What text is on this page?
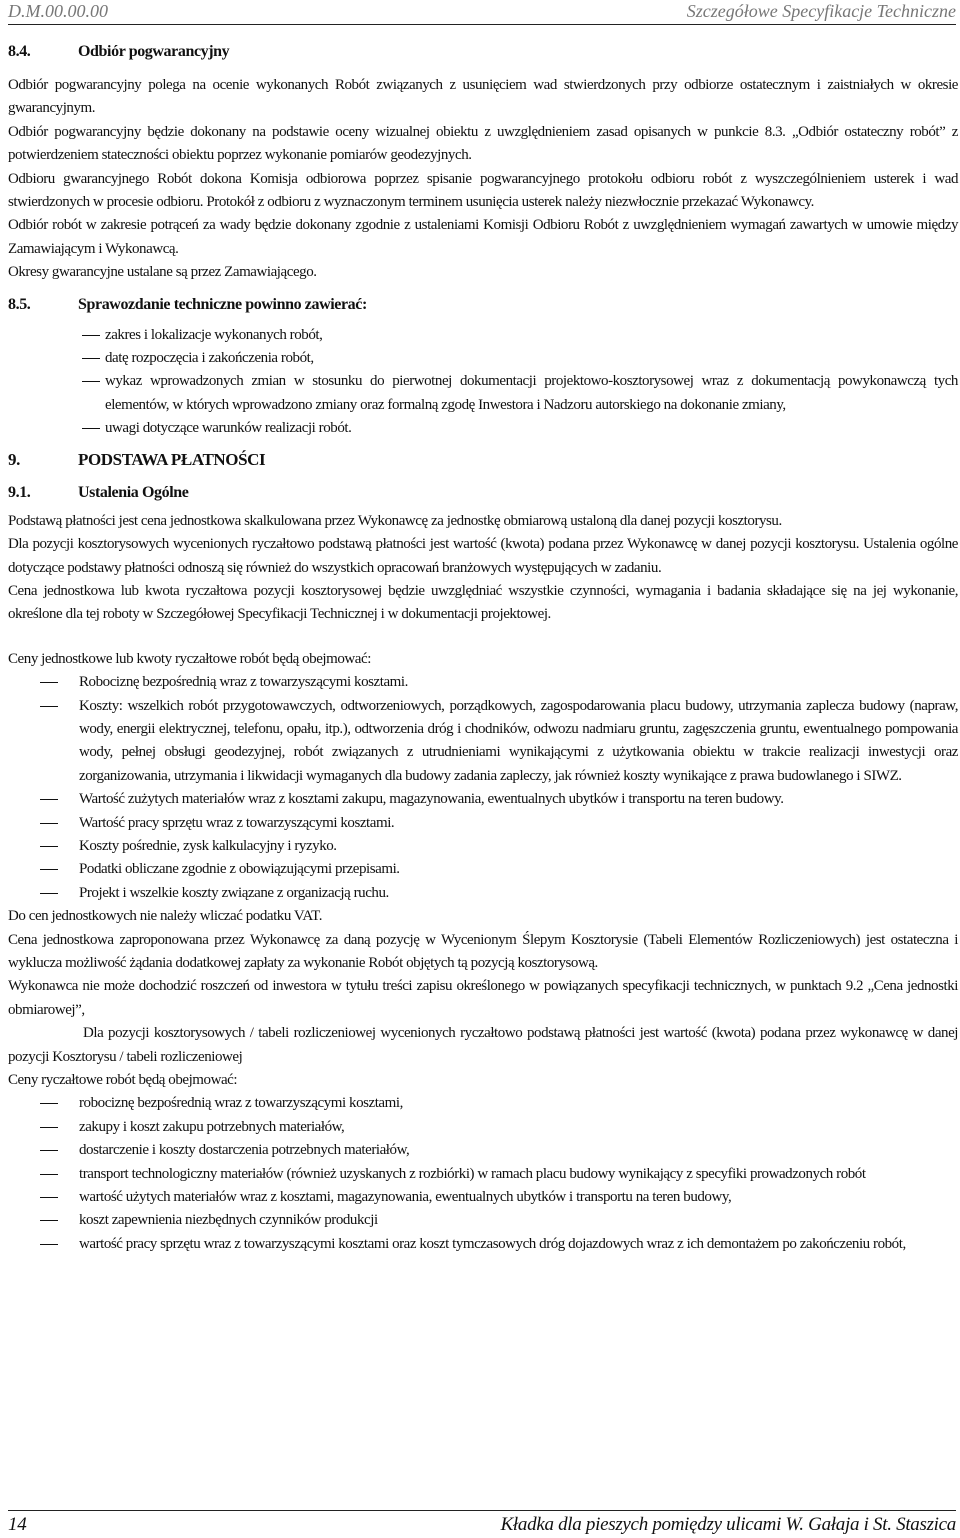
D.M.00.00.00	Szczegółowe Specyfikacje Techniczne
8.4.	Odbiór pogwarancyjny

Odbiór pogwarancyjny polega na ocenie wykonanych Robót związanych z usunięciem wad stwierdzonych przy odbiorze ostatecznym i zaistniałych w okresie gwarancyjnym.

Odbiór pogwarancyjny będzie dokonany na podstawie oceny wizualnej obiektu z uwzględnieniem zasad opisanych w punkcie 8.3. „Odbiór ostateczny robót” z potwierdzeniem stateczności obiektu poprzez wykonanie pomiarów geodezyjnych.

Odbioru gwarancyjnego Robót dokona Komisja odbiorowa poprzez spisanie pogwarancyjnego protokołu odbioru robót z wyszczególnieniem usterek i wad stwierdzonych w procesie odbioru. Protokół z odbioru z wyznaczonym terminem usunięcia usterek należy niezwłocznie przekazać Wykonawcy.

Odbiór robót w zakresie potrąceń za wady będzie dokonany zgodnie z ustaleniami Komisji Odbioru Robót z uwzględnieniem wymagań zawartych w umowie między Zamawiającym i Wykonawcą.

Okresy gwarancyjne ustalane są przez Zamawiającego.

8.5.	Sprawozdanie techniczne powinno zawierać:
zakres i lokalizacje wykonanych robót,
datę rozpoczęcia i zakończenia robót,
wykaz wprowadzonych zmian w stosunku do pierwotnej dokumentacji projektowo-kosztorysowej wraz z dokumentacją powykonawczą tych elementów, w których wprowadzono zmiany oraz formalną zgodę Inwestora i Nadzoru autorskiego na dokonanie zmiany,
uwagi dotyczące warunków realizacji robót.
9.	PODSTAWA PŁATNOŚCI
9.1.	Ustalenia Ogólne

Podstawą płatności jest cena jednostkowa skalkulowana przez Wykonawcę za jednostkę obmiarową ustaloną dla danej pozycji kosztorysu.

Dla pozycji kosztorysowych wycenionych ryczałtowo podstawą płatności jest wartość (kwota) podana przez Wykonawcę w danej pozycji kosztorysu. Ustalenia ogólne dotyczące podstawy płatności odnoszą się również do wszystkich opracowań branżowych występujących w zadaniu.

Cena jednostkowa lub kwota ryczałtowa pozycji kosztorysowej będzie uwzględniać wszystkie czynności, wymagania i badania składające się na jej wykonanie, określone dla tej roboty w Szczegółowej Specyfikacji Technicznej i w dokumentacji projektowej.

Ceny jednostkowe lub kwoty ryczałtowe robót będą obejmować:

Robociznę bezpośrednią wraz z towarzyszącymi kosztami.
Koszty: wszelkich robót przygotowawczych, odtworzeniowych, porządkowych, zagospodarowania placu budowy, utrzymania zaplecza budowy (napraw, wody, energii elektrycznej, telefonu, opału, itp.), odtworzenia dróg i chodników, odwozu nadmiaru gruntu, zagęszczenia gruntu, ewentualnego pompowania wody, pełnej obsługi geodezyjnej, robót związanych z utrudnieniami wynikającymi z użytkowania obiektu w trakcie realizacji inwestycji oraz zorganizowania, utrzymania i likwidacji wymaganych dla budowy zadania zapleczy, jak również koszty wynikające z prawa budowlanego i SIWZ.
Wartość zużytych materiałów wraz z kosztami zakupu, magazynowania, ewentualnych ubytków i transportu na teren budowy.
Wartość pracy sprzętu wraz z towarzyszącymi kosztami.
Koszty pośrednie, zysk kalkulacyjny i ryzyko.
Podatki obliczane zgodnie z obowiązującymi przepisami.
Projekt i wszelkie koszty związane z organizacją ruchu.

Do cen jednostkowych nie należy wliczać podatku VAT.

Cena jednostkowa zaproponowana przez Wykonawcę za daną pozycję w Wycenionym Ślepym Kosztorysie (Tabeli Elementów Rozliczeniowych) jest ostateczna i wyklucza możliwość żądania dodatkowej zapłaty za wykonanie Robót objętych tą pozycją kosztorysową.

Wykonawca nie może dochodzić roszczeń od inwestora w tytułu treści zapisu określonego w powiązanych specyfikacji technicznych, w punktach 9.2 „Cena jednostki obmiarowej”,

Dla pozycji kosztorysowych / tabeli rozliczeniowej wycenionych ryczałtowo podstawą płatności jest wartość (kwota) podana przez wykonawcę w danej pozycji Kosztorysu / tabeli rozliczeniowej

Ceny ryczałtowe robót będą obejmować:

robociznę bezpośrednią wraz z towarzyszącymi kosztami,
zakupy i koszt zakupu potrzebnych materiałów,
dostarczenie i koszty dostarczenia potrzebnych materiałów,
transport technologiczny materiałów (również uzyskanych z rozbiórki) w ramach placu budowy wynikający z specyfiki prowadzonych robót
wartość użytych materiałów wraz z kosztami, magazynowania, ewentualnych ubytków i transportu na teren budowy,
koszt zapewnienia niezbędnych czynników produkcji
wartość pracy sprzętu wraz z towarzyszącymi kosztami oraz koszt tymczasowych dróg dojazdowych wraz z ich demontażem po zakończeniu robót,
14	Kładka dla pieszych pomiędzy ulicami W. Gałaja i St. Staszica
